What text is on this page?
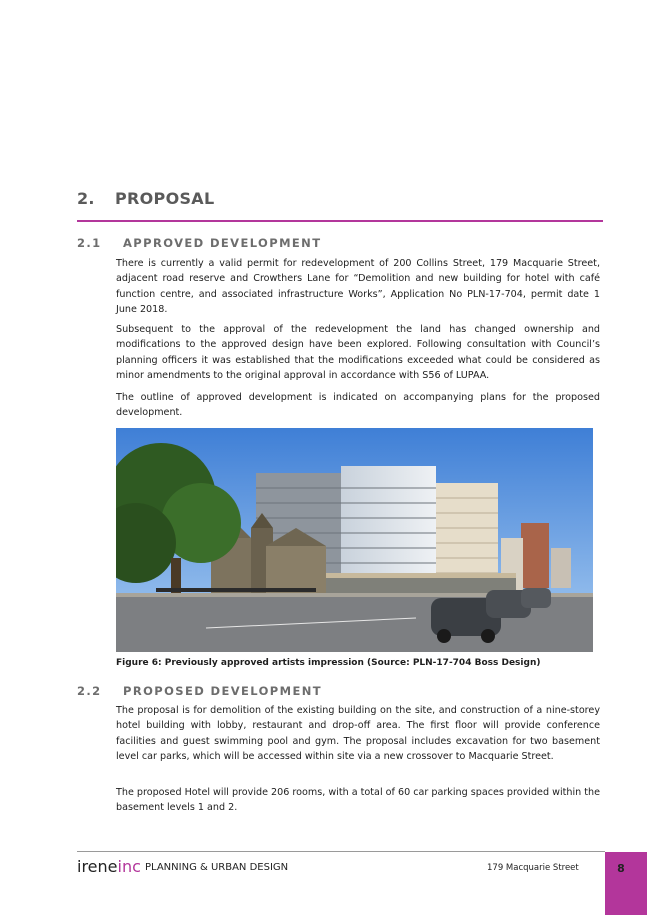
2. PROPOSAL
2.1 APPROVED DEVELOPMENT

There is currently a valid permit for redevelopment of 200 Collins Street, 179 Macquarie Street, adjacent road reserve and Crowthers Lane for “Demolition and new building for hotel with café function centre, and associated infrastructure Works”, Application No PLN-17-704, permit date 1 June 2018.

Subsequent to the approval of the redevelopment the land has changed ownership and modifications to the approved design have been explored. Following consultation with Council’s planning officers it was established that the modifications exceeded what could be considered as minor amendments to the original approval in accordance with S56 of LUPAA.

The outline of approved development is indicated on accompanying plans for the proposed development.

Figure 6: Previously approved artists impression (Source: PLN-17-704 Boss Design)
2.2 PROPOSED DEVELOPMENT

The proposal is for demolition of the existing building on the site, and construction of a nine-storey hotel building with lobby, restaurant and drop-off area. The first floor will provide conference facilities and guest swimming pool and gym. The proposal includes excavation for two basement level car parks, which will be accessed within site via a new crossover to Macquarie Street.

The proposed Hotel will provide 206 rooms, with a total of 60 car parking spaces provided within the basement levels 1 and 2.

ireneinc PLANNING & URBAN DESIGN	179 Macquarie Street	8
